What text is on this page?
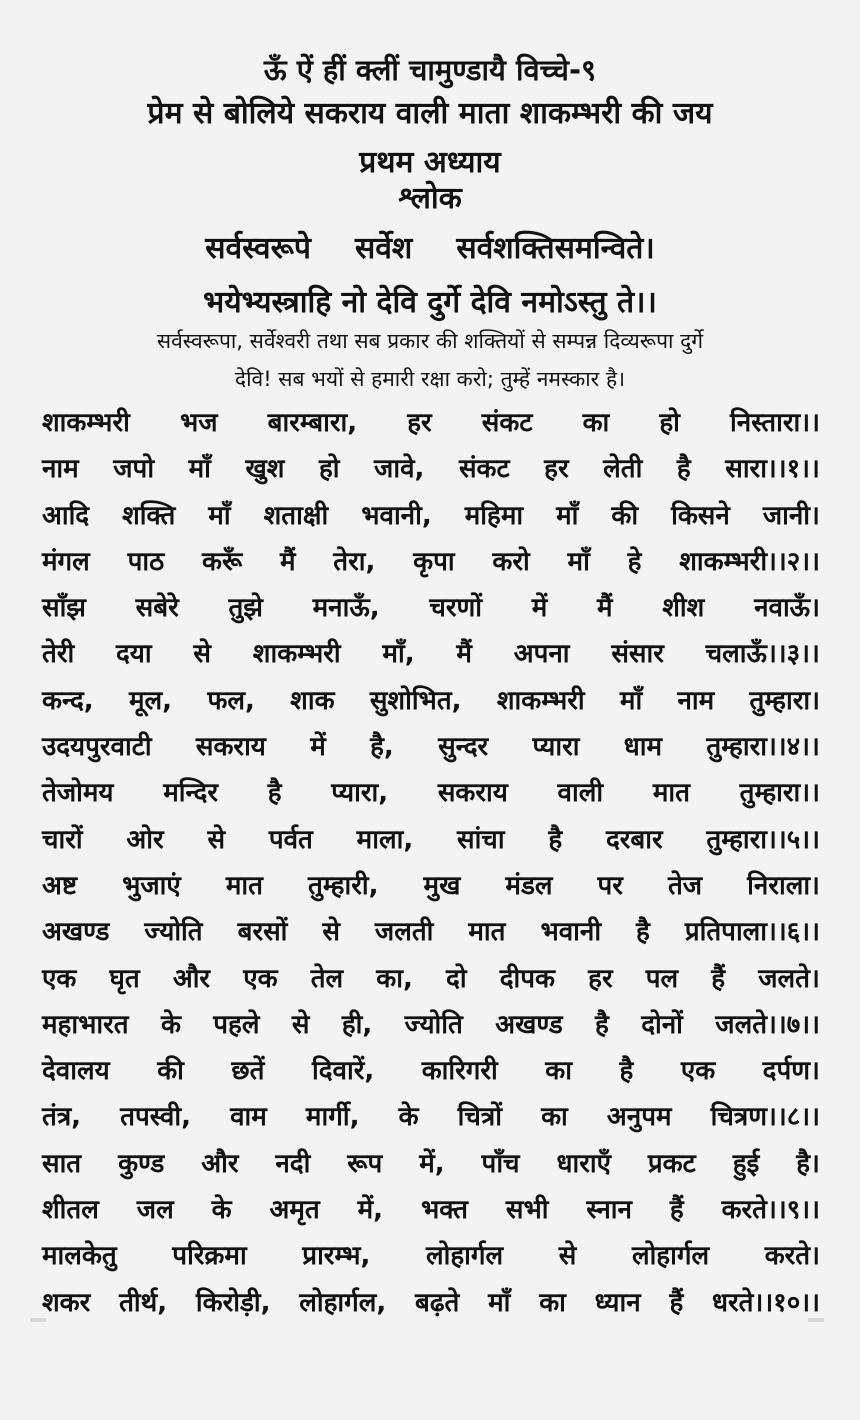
ऊँ ऐं हीं क्लीं चामुण्डायै विच्चे-९
प्रेम से बोलिये सकराय वाली माता शाकम्भरी की जय
प्रथम अध्याय
श्लोक
सर्वस्वरूपे सर्वेश सर्वशक्तिसमन्विते।
भयेभ्यस्त्राहि नो देवि दुर्गे देवि नमोऽस्तु ते।।
सर्वस्वरूपा, सर्वेश्वरी तथा सब प्रकार की शक्तियों से सम्पन्न दिव्यरूपा दुर्गे
देवि! सब भयों से हमारी रक्षा करो; तुम्हें नमस्कार है।
शाकम्भरी भज बारम्बारा, हर संकट का हो निस्तारा।।
नाम जपो माँ खुश हो जावे, संकट हर लेती है सारा।।१।।
आदि शक्ति माँ शताक्षी भवानी, महिमा माँ की किसने जानी।
मंगल पाठ करूँ मैं तेरा, कृपा करो माँ हे शाकम्भरी।।२।।
साँझ सबेरे तुझे मनाऊँ, चरणों में मैं शीश नवाऊँ।
तेरी दया से शाकम्भरी माँ, मैं अपना संसार चलाऊँ।।३।।
कन्द, मूल, फल, शाक सुशोभित, शाकम्भरी माँ नाम तुम्हारा।
उदयपुरवाटी सकराय में है, सुन्दर प्यारा धाम तुम्हारा।।४।।
तेजोमय मन्दिर है प्यारा, सकराय वाली मात तुम्हारा।।
चारों ओर से पर्वत माला, सांचा है दरबार तुम्हारा।।५।।
अष्ट भुजाएं मात तुम्हारी, मुख मंडल पर तेज निराला।
अखण्ड ज्योति बरसों से जलती मात भवानी है प्रतिपाला।।६।।
एक घृत और एक तेल का, दो दीपक हर पल हैं जलते।
महाभारत के पहले से ही, ज्योति अखण्ड है दोनों जलते।।७।।
देवालय की छतें दिवारें, कारिगरी का है एक दर्पण।
तंत्र, तपस्वी, वाम मार्गी, के चित्रों का अनुपम चित्रण।।८।।
सात कुण्ड और नदी रूप में, पाँच धाराएँ प्रकट हुई है।
शीतल जल के अमृत में, भक्त सभी स्नान हैं करते।।९।।
मालकेतु परिक्रमा प्रारम्भ, लोहार्गल से लोहार्गल करते।
शकर तीर्थ, किरोड़ी, लोहार्गल, बढ़ते माँ का ध्यान हैं धरते।।१०।।
